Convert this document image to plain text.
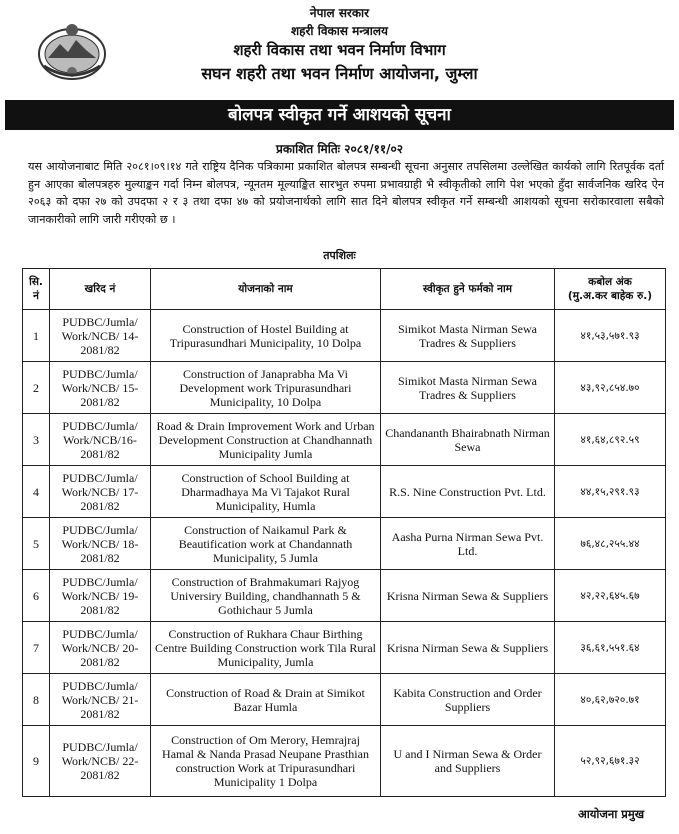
नेपाल सरकार
शहरी विकास मन्त्रालय
शहरी विकास तथा भवन निर्माण विभाग
सघन शहरी तथा भवन निर्माण आयोजना, जुम्ला
बोलपत्र स्वीकृत गर्ने आशयको सूचना
प्रकाशित मितिः २०८१/११/०२
यस आयोजनाबाट मिति २०८१।०९।१४ गते राष्ट्रिय दैनिक पत्रिकामा प्रकाशित बोलपत्र सम्बन्धी सूचना अनुसार तपसिलमा उल्लेखित कार्यको लागि रितपूर्वक दर्ता हुन आएका बोलपत्रहरु मुल्याङ्कन गर्दा निम्न बोलपत्र, न्यूनतम मूल्याङ्कित सारभुत रुपमा प्रभावग्राही भै स्वीकृतीको लागि पेश भएको हुँदा सार्वजनिक खरिद ऐन २०६३ को दफा २७ को उपदफा २ र ३ तथा दफा ४७ को प्रयोजनार्थको लागि सात दिने बोलपत्र स्वीकृत गर्ने सम्बन्धी आशयको सूचना सरोकारवाला सबैको जानकारीको लागि जारी गरीएको छ ।
तपशिलः
सि. नं	खरिद नं	योजनाको नाम	स्वीकृत हुने फर्मको नाम	कबोल अंक
(मु.अ.कर बाहेक रु.)

1	PUDBC/Jumla/ Work/NCB/ 14-2081/82	Construction of Hostel Building at Tripurasundhari Municipality, 10 Dolpa	Simikot Masta Nirman Sewa Tradres & Suppliers	४१,५३,५७१.९३
2	PUDBC/Jumla/ Work/NCB/ 15-2081/82	Construction of Janaprabha Ma Vi Development work Tripurasundhari Municipality, 10 Dolpa	Simikot Masta Nirman Sewa Tradres & Suppliers	४३,९२,८५४.७०
3	PUDBC/Jumla/ Work/NCB/16- 2081/82	Road & Drain Improvement Work and Urban Development Construction at Chandhannath Municipality Jumla	Chandananth Bhairabnath Nirman Sewa	४१,६४,८९२.५९
4	PUDBC/Jumla/ Work/NCB/ 17-2081/82	Construction of School Building at Dharmadhaya Ma Vi Tajakot Rural Municipality, Humla	R.S. Nine Construction Pvt. Ltd.	४४,१५,२९१.९३
5	PUDBC/Jumla/ Work/NCB/ 18-2081/82	Construction of Naikamul Park & Beautification work at Chandannath Municipality, 5 Jumla	Aasha Purna Nirman Sewa Pvt. Ltd.	७६,४८,२५५.४४
6	PUDBC/Jumla/ Work/NCB/ 19-2081/82	Construction of Brahmakumari Rajyog Universiry Building, chandhannath 5 & Gothichaur 5 Jumla	Krisna Nirman Sewa & Suppliers	४२,२२,६४५.६७
7	PUDBC/Jumla/ Work/NCB/ 20-2081/82	Construction of Rukhara Chaur Birthing Centre Building Construction work Tila Rural Municipality, Jumla	Krisna Nirman Sewa & Suppliers	३६,६१,५५१.६४
8	PUDBC/Jumla/ Work/NCB/ 21-2081/82	Construction of Road & Drain at Simikot Bazar Humla	Kabita Construction and Order Suppliers	४०,६२,७२०.७१
9	PUDBC/Jumla/ Work/NCB/ 22-2081/82	Construction of Om Merory, Hemrajraj Hamal & Nanda Prasad Neupane Prasthian construction Work at Tripurasundhari Municipality 1 Dolpa	U and I Nirman Sewa & Order and Suppliers	५२,९२,६७१.३२
आयोजना प्रमुख
